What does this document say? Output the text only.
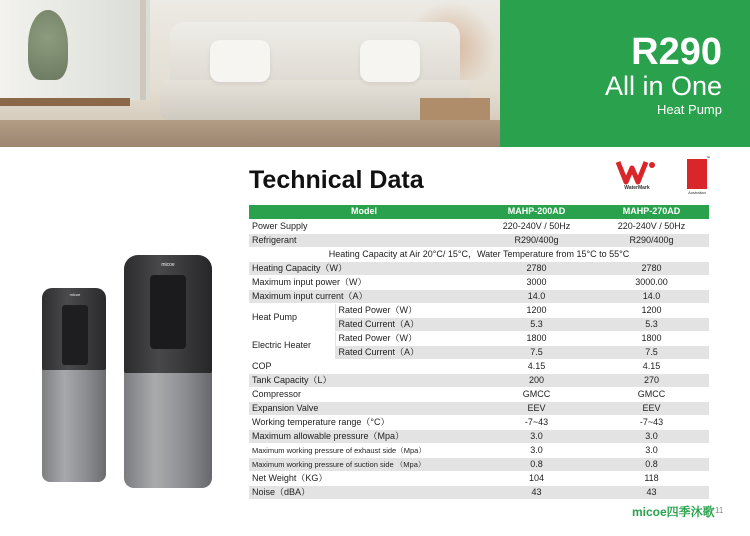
R290
All in One
Heat Pump
Technical Data	WaterMark
™
Australian
micoe
micoe
Model		MAHP-200AD	MAHP-270AD
Power Supply		220-240V / 50Hz	220-240V / 50Hz
Refrigerant		R290/400g	R290/400g
Heating Capacity at Air 20°C/ 15°C，Water Temperature from 15°C to 55°C			
Heating Capacity（W）		2780	2780
Maximum input power（W）		3000	3000.00
Maximum input current（A）		14.0	14.0
Heat Pump	Rated Power（W）	1200	1200
	Rated Current（A）	5.3	5.3
Electric Heater	Rated Power（W）	1800	1800
	Rated Current（A）	7.5	7.5
COP		4.15	4.15
Tank Capacity（L）		200	270
Compressor		GMCC	GMCC
Expansion Valve		EEV	EEV
Working temperature range（°C）		-7~43	-7~43
Maximum allowable pressure（Mpa）		3.0	3.0
Maximum working pressure of exhaust side（Mpa）		3.0	3.0
Maximum working pressure of suction side （Mpa）		0.8	0.8
Net Weight（KG）		104	118
Noise（dBA）		43	43
micoe四季沐歌 11
